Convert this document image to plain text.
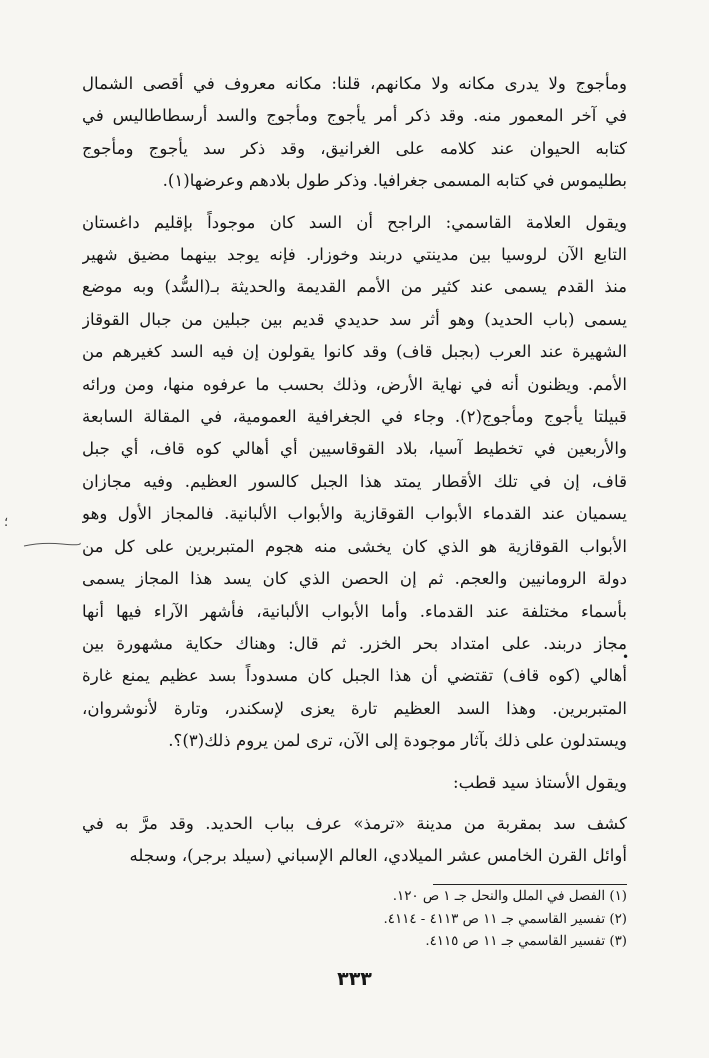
ومأجوج ولا يدرى مكانه ولا مكانهم، قلنا: مكانه معروف في أقصى الشمال
في آخر المعمور منه. وقد ذكر أمر يأجوج ومأجوج والسد أرسطاطاليس في
كتابه الحيوان عند كلامه على الغرانيق، وقد ذكر سد يأجوج ومأجوج
بطليموس في كتابه المسمى جغرافيا. وذكر طول بلادهم وعرضها(١).

ويقول العلامة القاسمي: الراجح أن السد كان موجوداً بإقليم داغستان
التابع الآن لروسيا بين مدينتي دربند وخوزار. فإنه يوجد بينهما مضيق شهير
منذ القدم يسمى عند كثير من الأمم القديمة والحديثة بـ(السُّد) وبه موضع
يسمى (باب الحديد) وهو أثر سد حديدي قديم بين جبلين من جبال القوقاز
الشهيرة عند العرب (بجبل قاف) وقد كانوا يقولون إن فيه السد كغيرهم من
الأمم. ويظنون أنه في نهاية الأرض، وذلك بحسب ما عرفوه منها، ومن ورائه
قبيلتا يأجوج ومأجوج(٢). وجاء في الجغرافية العمومية، في المقالة السابعة
والأربعين في تخطيط آسيا، بلاد القوقاسيين أي أهالي كوه قاف، أي جبل
قاف، إن في تلك الأقطار يمتد هذا الجبل كالسور العظيم. وفيه مجازان
يسميان عند القدماء الأبواب القوقازية والأبواب الألبانية. فالمجاز الأول وهو
الأبواب القوقازية هو الذي كان يخشى منه هجوم المتبربرين على كل من
دولة الرومانيين والعجم. ثم إن الحصن الذي كان يسد هذا المجاز يسمى
بأسماء مختلفة عند القدماء. وأما الأبواب الألبانية، فأشهر الآراء فيها أنها
مجاز دربند. على امتداد بحر الخزر. ثم قال: وهناك حكاية مشهورة بين
أهالي (كوه قاف) تقتضي أن هذا الجبل كان مسدوداً بسد عظيم يمنع غارة
المتبربرين. وهذا السد العظيم تارة يعزى لإسكندر، وتارة لأنوشروان،
ويستدلون على ذلك بآثار موجودة إلى الآن، ترى لمن يروم ذلك(٣)؟.

ويقول الأستاذ سيد قطب:

كشف سد بمقربة من مدينة «ترمذ» عرف بباب الحديد. وقد مرَّ به في
أوائل القرن الخامس عشر الميلادي، العالم الإسباني (سيلد برجر)، وسجله

(١) الفصل في الملل والنحل جـ ١ ص ١٢٠.
(٢) تفسير القاسمي جـ ١١ ص ٤١١٣ - ٤١١٤.
(٣) تفسير القاسمي جـ ١١ ص ٤١١٥.
٣٣٣
؛
•
